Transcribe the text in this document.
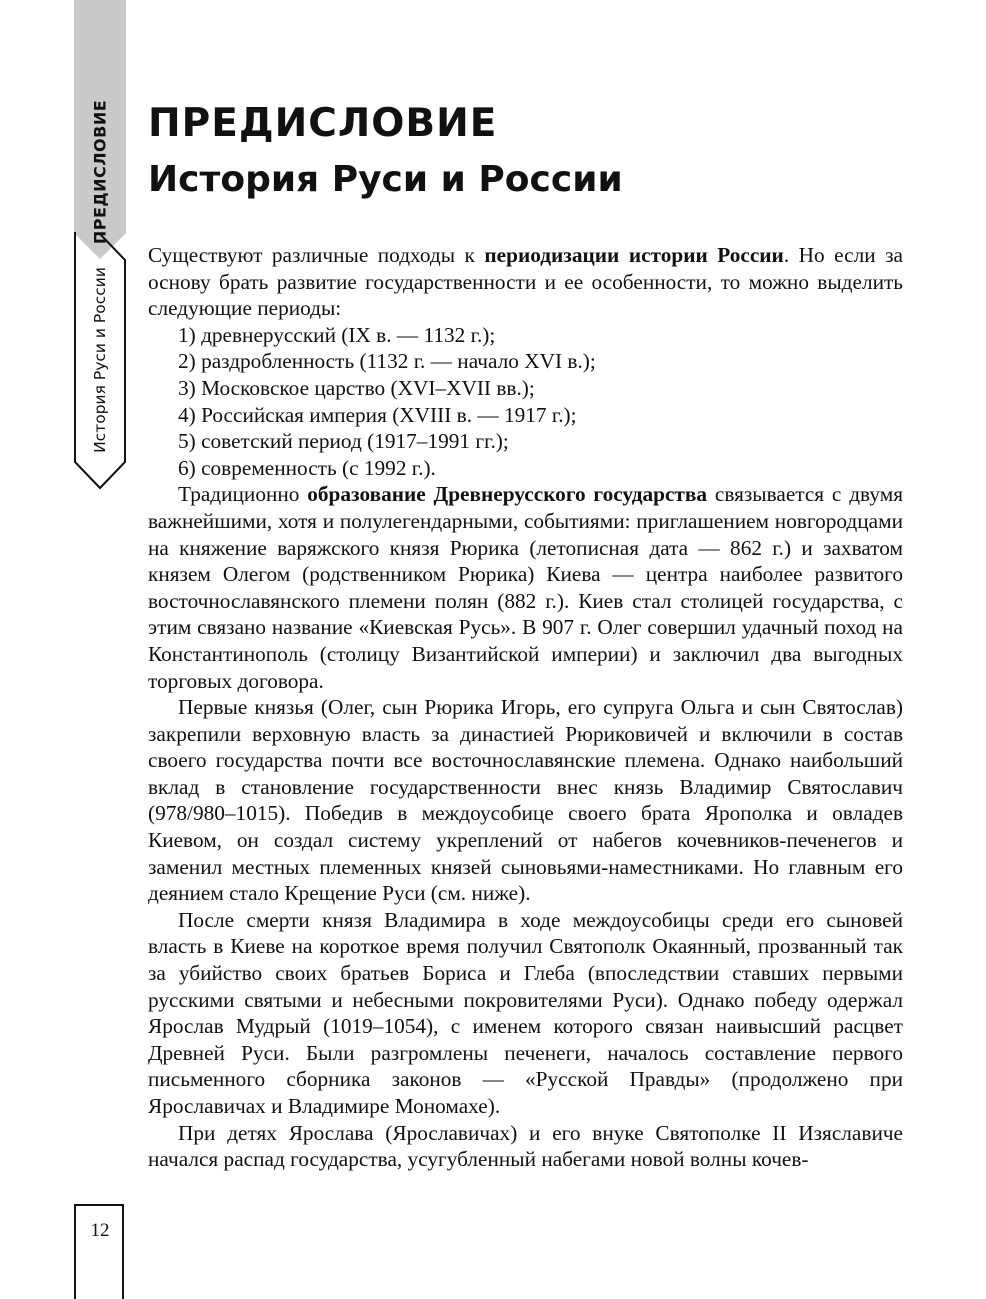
ПРЕДИСЛОВИЕ
История Руси и России
12
ПРЕДИСЛОВИЕ
История Руси и России

Существуют различные подходы к периодизации истории России. Но если за основу брать развитие государственности и ее особенности, то можно выделить следующие периоды:

1) древнерусский (IX в. — 1132 г.);
2) раздробленность (1132 г. — начало XVI в.);
3) Московское царство (XVI–XVII вв.);
4) Российская империя (XVIII в. — 1917 г.);
5) советский период (1917–1991 гг.);
6) современность (с 1992 г.).

Традиционно образование Древнерусского государства связывается с двумя важнейшими, хотя и полулегендарными, событиями: приглашением новгородцами на княжение варяжского князя Рюрика (летописная дата — 862 г.) и захватом князем Олегом (родственником Рюрика) Киева — центра наиболее развитого восточнославянского племени полян (882 г.). Киев стал столицей государства, с этим связано название «Киевская Русь». В 907 г. Олег совершил удачный поход на Константинополь (столицу Византийской империи) и заключил два выгодных торговых договора.

Первые князья (Олег, сын Рюрика Игорь, его супруга Ольга и сын Святослав) закрепили верховную власть за династией Рюриковичей и включили в состав своего государства почти все восточнославянские племена. Однако наибольший вклад в становление государственности внес князь Владимир Святославич (978/980–1015). Победив в междоусобице своего брата Ярополка и овладев Киевом, он создал систему укреплений от набегов кочевников-печенегов и заменил местных племенных князей сыновьями-наместниками. Но главным его деянием стало Крещение Руси (см. ниже).

После смерти князя Владимира в ходе междоусобицы среди его сыновей власть в Киеве на короткое время получил Святополк Окаянный, прозванный так за убийство своих братьев Бориса и Глеба (впоследствии ставших первыми русскими святыми и небесными покровителями Руси). Однако победу одержал Ярослав Мудрый (1019–1054), с именем которого связан наивысший расцвет Древней Руси. Были разгромлены печенеги, началось составление первого письменного сборника законов — «Русской Правды» (продолжено при Ярославичах и Владимире Мономахе).

При детях Ярослава (Ярославичах) и его внуке Святополке II Изяславиче начался распад государства, усугубленный набегами новой волны кочев-
